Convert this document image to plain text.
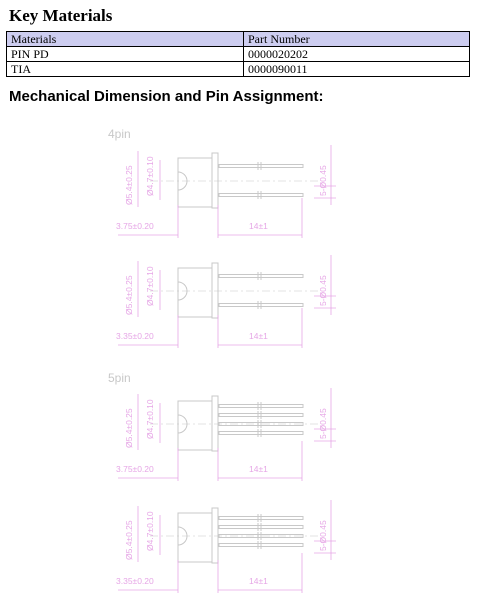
Key Materials
Materials	Part Number
PIN PD	0000020202
TIA	0000090011
Mechanical Dimension and Pin Assignment:
4pin
5pin
3.75±0.20	14±1
Ø5.4±0.25 Ø4.7±0.10	5-Ø0.45
3.35±0.20	14±1
Ø5.4±0.25 Ø4.7±0.10	5-Ø0.45
3.75±0.20	14±1
Ø5.4±0.25 Ø4.7±0.10	5-Ø0.45
3.35±0.20	14±1
Ø5.4±0.25 Ø4.7±0.10	5-Ø0.45
